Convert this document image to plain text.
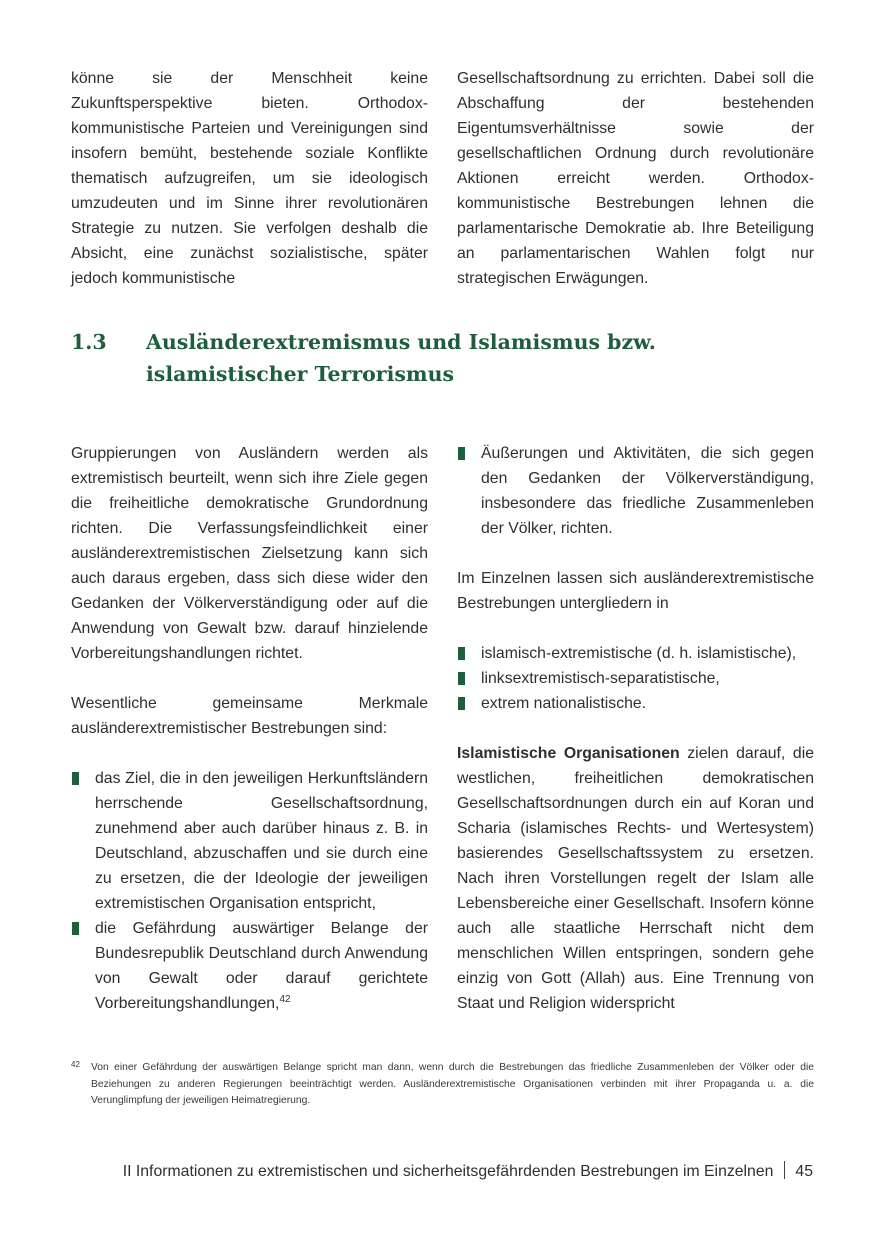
könne sie der Menschheit keine Zukunftsperspektive bieten. Orthodox-kommunistische Parteien und Vereinigungen sind insofern bemüht, bestehende soziale Konflikte thematisch aufzugreifen, um sie ideologisch umzudeuten und im Sinne ihrer revolutionären Strategie zu nutzen. Sie verfolgen deshalb die Absicht, eine zunächst sozialistische, später jedoch kommunistische

Gesellschaftsordnung zu errichten. Dabei soll die Abschaffung der bestehenden Eigentumsverhältnisse sowie der gesellschaftlichen Ordnung durch revolutionäre Aktionen erreicht werden. Orthodox-kommunistische Bestrebungen lehnen die parlamentarische Demokratie ab. Ihre Beteiligung an parlamentarischen Wahlen folgt nur strategischen Erwägungen.

1.3 Ausländerextremismus und Islamismus bzw. islamistischer Terrorismus

Gruppierungen von Ausländern werden als extremistisch beurteilt, wenn sich ihre Ziele gegen die freiheitliche demokratische Grundordnung richten. Die Verfassungsfeindlichkeit einer ausländerextremistischen Zielsetzung kann sich auch daraus ergeben, dass sich diese wider den Gedanken der Völkerverständigung oder auf die Anwendung von Gewalt bzw. darauf hinzielende Vorbereitungshandlungen richtet.

Wesentliche gemeinsame Merkmale ausländerextremistischer Bestrebungen sind:

das Ziel, die in den jeweiligen Herkunftsländern herrschende Gesellschaftsordnung, zunehmend aber auch darüber hinaus z. B. in Deutschland, abzuschaffen und sie durch eine zu ersetzen, die der Ideologie der jeweiligen extremistischen Organisation entspricht,
die Gefährdung auswärtiger Belange der Bundesrepublik Deutschland durch Anwendung von Gewalt oder darauf gerichtete Vorbereitungshandlungen,$^{42}$
Äußerungen und Aktivitäten, die sich gegen den Gedanken der Völkerverständigung, insbesondere das friedliche Zusammenleben der Völker, richten.

Im Einzelnen lassen sich ausländerextremistische Bestrebungen untergliedern in

islamisch-extremistische (d. h. islamistische),
linksextremistisch-separatistische,
extrem nationalistische.

Islamistische Organisationen zielen darauf, die westlichen, freiheitlichen demokratischen Gesellschaftsordnungen durch ein auf Koran und Scharia (islamisches Rechts- und Wertesystem) basierendes Gesellschaftssystem zu ersetzen. Nach ihren Vorstellungen regelt der Islam alle Lebensbereiche einer Gesellschaft. Insofern könne auch alle staatliche Herrschaft nicht dem menschlichen Willen entspringen, sondern gehe einzig von Gott (Allah) aus. Eine Trennung von Staat und Religion widerspricht

42 Von einer Gefährdung der auswärtigen Belange spricht man dann, wenn durch die Bestrebungen das friedliche Zusammenleben der Völker oder die Beziehungen zu anderen Regierungen beeinträchtigt werden. Ausländerextremistische Organisationen verbinden mit ihrer Propaganda u. a. die Verunglimpfung der jeweiligen Heimatregierung.
II Informationen zu extremistischen und sicherheitsgefährdenden Bestrebungen im Einzelnen 45
